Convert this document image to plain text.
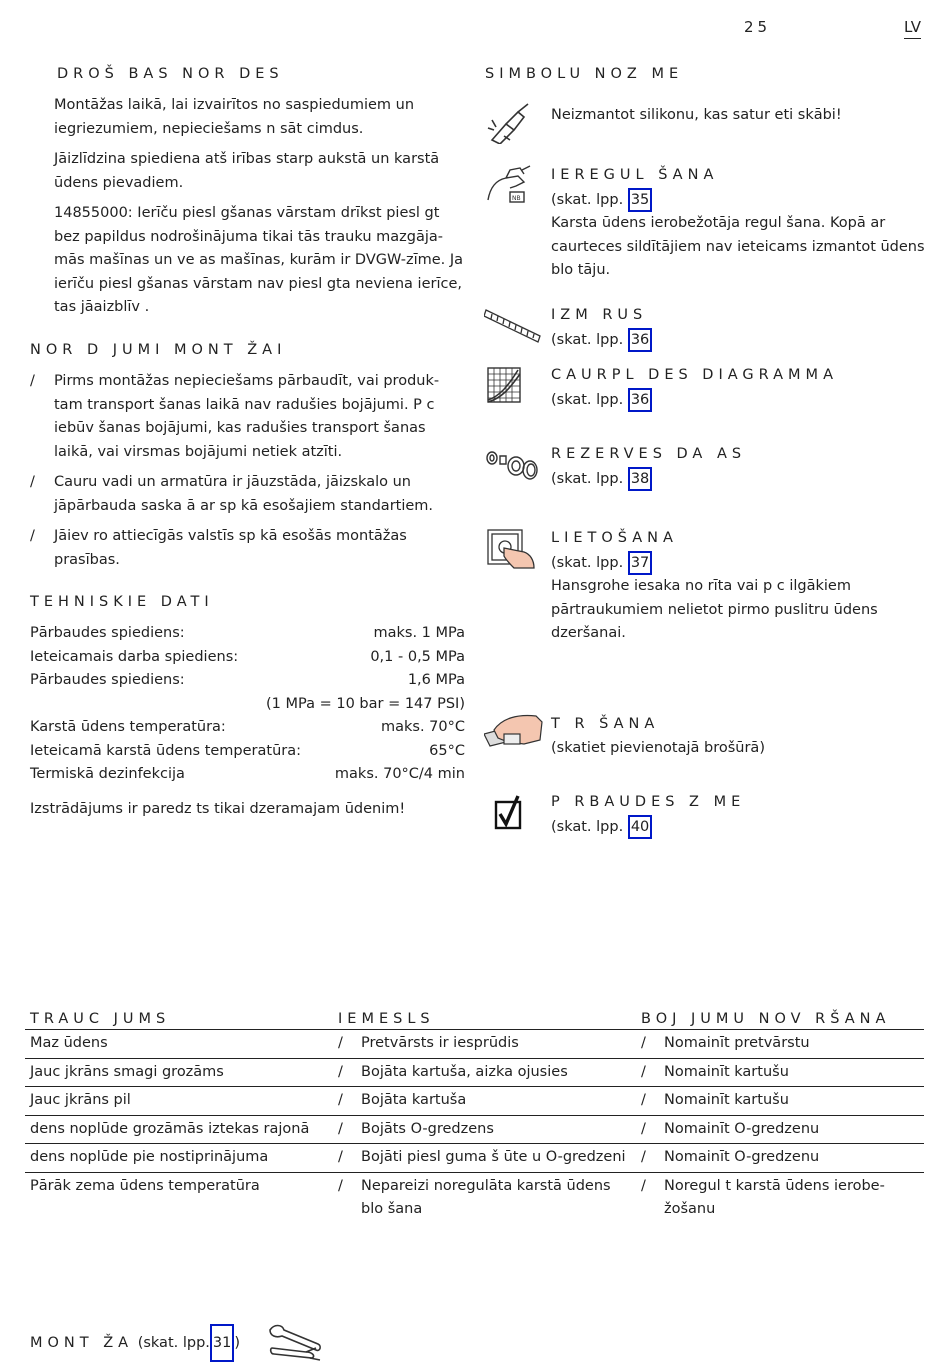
25	LV
DROŠ BAS NOR DES

Montāžas laikā, lai izvairītos no saspiedumiem un iegriezumiem, nepieciešams n sāt cimdus.

Jāizlīdzina spiediena atš irības starp aukstā un karstā ūdens pievadiem.

14855000: Ierīču piesl gšanas vārstam drīkst piesl gt bez papildus nodrošinājuma tikai tās trauku mazgāja-mās mašīnas un ve as mašīnas, kurām ir DVGW-zīme. Ja ierīču piesl gšanas vārstam nav piesl gta neviena ierīce, tas jāaizblīv .

NOR D JUMI MONT ŽAI
/ Pirms montāžas nepieciešams pārbaudīt, vai produk-tam transport šanas laikā nav radušies bojājumi. P c iebūv šanas bojājumi, kas radušies transport šanas laikā, vai virsmas bojājumi netiek atzīti.
/ Cauru vadi un armatūra ir jāuzstāda, jāizskalo un jāpārbauda saska ā ar sp kā esošajiem standartiem.
/ Jāiev ro attiecīgās valstīs sp kā esošās montāžas prasības.
TEHNISKIE DATI
Pārbaudes spiediens:	maks. 1 MPa
Ieteicamais darba spiediens:	0,1 - 0,5 MPa
Pārbaudes spiediens:	1,6 MPa
(1 MPa = 10 bar = 147 PSI)
Karstā ūdens temperatūra:	maks. 70°C
Ieteicamā karstā ūdens temperatūra:	65°C
Termiskā dezinfekcija	maks. 70°C/4 min
Izstrādājums ir paredz ts tikai dzeramajam ūdenim!
SIMBOLU NOZ ME
Neizmantot silikonu, kas satur eti skābi!
NB
IEREGUL ŠANA
(skat. lpp. 35
Karsta ūdens ierobežotāja regul šana. Kopā ar caurteces sildītājiem nav ieteicams izmantot ūdens blo tāju.
IZM RUS
(skat. lpp. 36
CAURPL DES DIAGRAMMA
(skat. lpp. 36
REZERVES DA AS
(skat. lpp. 38
LIETOŠANA
(skat. lpp. 37
Hansgrohe iesaka no rīta vai p c ilgākiem pārtraukumiem nelietot pirmo puslitru ūdens dzeršanai.
T R ŠANA
(skatiet pievienotajā brošūrā)
P RBAUDES Z ME
(skat. lpp. 40
TRAUC JUMS	IEMESLS	BOJ JUMU NOV RŠANA
Maz ūdens	/ Pretvārsts ir iesprūdis	/ Nomainīt pretvārstu

Jauc jkrāns smagi grozāms	/ Bojāta kartuša, aizka ojusies	/ Nomainīt kartušu

Jauc jkrāns pil	/ Bojāta kartuša	/ Nomainīt kartušu

dens noplūde grozāmās iztekas rajonā	/ Bojāts O-gredzens	/ Nomainīt O-gredzenu

dens noplūde pie nostiprinājuma	/ Bojāti piesl guma š ūte u O-gredzeni	/ Nomainīt O-gredzenu

Pārāk zema ūdens temperatūra	/ Nepareizi noregulāta karstā ūdens blo šana	/ Noregul t karstā ūdens ierobe-žošanu
MONT ŽA (skat. lpp. 31 )
